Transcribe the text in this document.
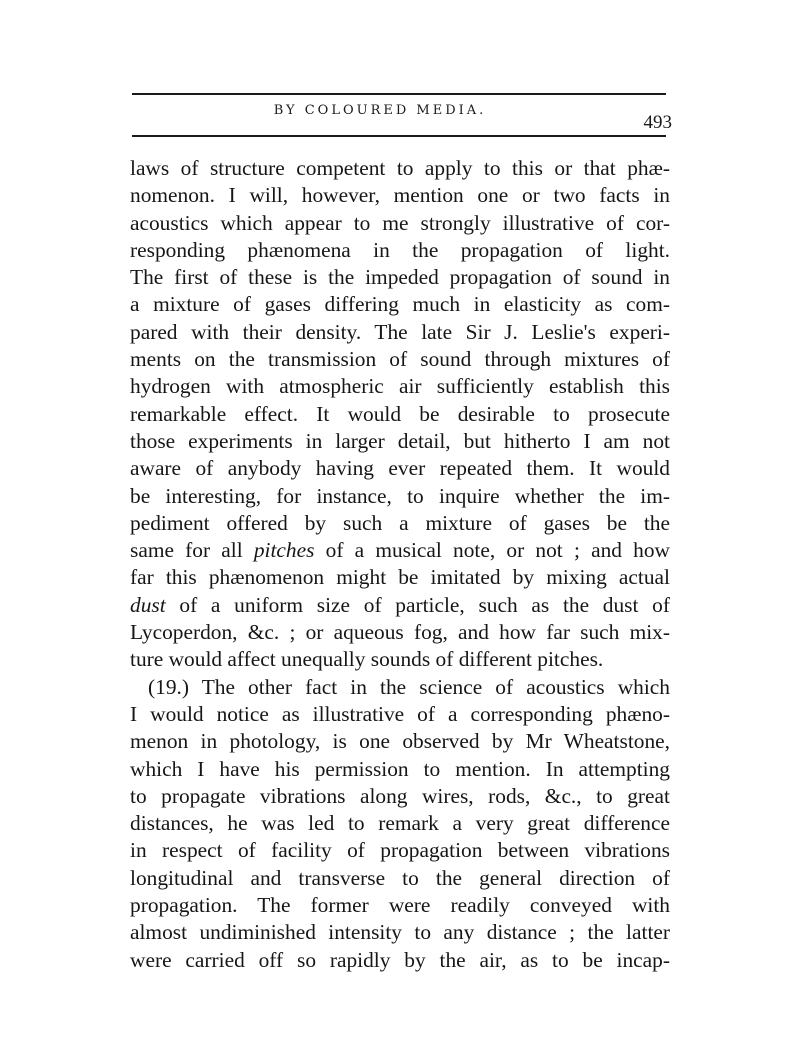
BY COLOURED MEDIA.
493
laws of structure competent to apply to this or that phæ-
nomenon. I will, however, mention one or two facts in
acoustics which appear to me strongly illustrative of cor-
responding phænomena in the propagation of light.
The first of these is the impeded propagation of sound in
a mixture of gases differing much in elasticity as com-
pared with their density. The late Sir J. Leslie's experi-
ments on the transmission of sound through mixtures of
hydrogen with atmospheric air sufficiently establish this
remarkable effect. It would be desirable to prosecute
those experiments in larger detail, but hitherto I am not
aware of anybody having ever repeated them. It would
be interesting, for instance, to inquire whether the im-
pediment offered by such a mixture of gases be the
same for all pitches of a musical note, or not ; and how
far this phænomenon might be imitated by mixing actual
dust of a uniform size of particle, such as the dust of
Lycoperdon, &c. ; or aqueous fog, and how far such mix-
ture would affect unequally sounds of different pitches.
(19.) The other fact in the science of acoustics which
I would notice as illustrative of a corresponding phæno-
menon in photology, is one observed by Mr Wheatstone,
which I have his permission to mention. In attempting
to propagate vibrations along wires, rods, &c., to great
distances, he was led to remark a very great difference
in respect of facility of propagation between vibrations
longitudinal and transverse to the general direction of
propagation. The former were readily conveyed with
almost undiminished intensity to any distance ; the latter
were carried off so rapidly by the air, as to be incap-
